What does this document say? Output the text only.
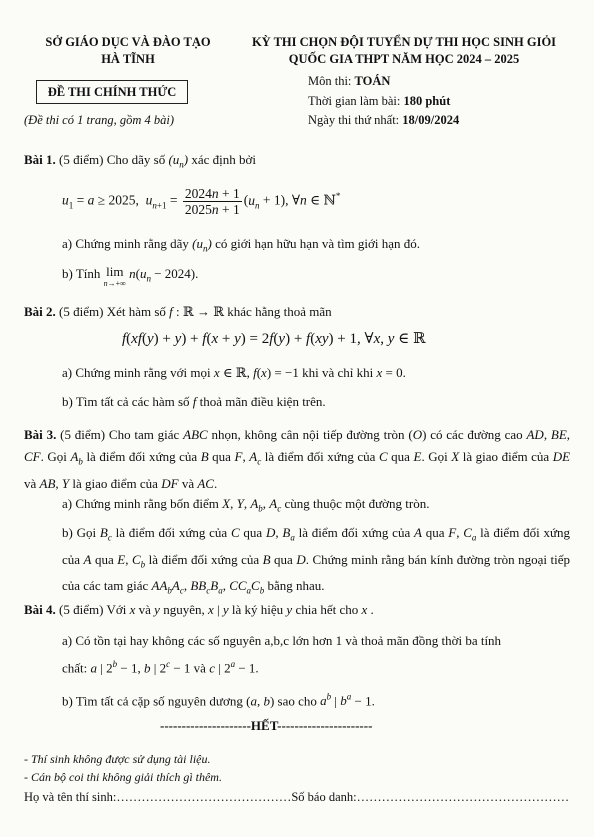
SỞ GIÁO DỤC VÀ ĐÀO TẠO
HÀ TĨNH
KỲ THI CHỌN ĐỘI TUYỂN DỰ THI HỌC SINH GIỎI
QUỐC GIA THPT NĂM HỌC 2024 – 2025
ĐỀ THI CHÍNH THỨC
(Đề thi có 1 trang, gồm 4 bài)
Môn thi: TOÁN
Thời gian làm bài: 180 phút
Ngày thi thứ nhất: 18/09/2024
Bài 1. (5 điểm) Cho dãy số $(u_n)$ xác định bởi
$u_1 = a \ge 2025$,  $u_{n+1} = \frac{2024n + 1}{2025n + 1} (u_n + 1)$, ∀n ∈ ℕ*
a) Chứng minh rằng dãy $(u_n)$ có giới hạn hữu hạn và tìm giới hạn đó.
b) Tính lim
n→+∞
$n(u_n - 2024)$.
Bài 2. (5 điểm) Xét hàm số f : ℝ → ℝ khác hằng thoả mãn
f(xf(y) + y) + f(x + y) = 2f(y) + f(xy) + 1, ∀x, y ∈ ℝ
a) Chứng minh rằng với mọi x ∈ ℝ, f(x) = −1 khi và chỉ khi x = 0.
b) Tìm tất cả các hàm số f thoả mãn điều kiện trên.
Bài 3. (5 điểm) Cho tam giác ABC nhọn, không cân nội tiếp đường tròn (O) có các đường cao AD, BE, CF. Gọi $A_b$ là điểm đối xứng của B qua F, $A_c$ là điểm đối xứng của C qua E. Gọi X là giao điểm của DE và AB, Y là giao điểm của DF và AC.
a) Chứng minh rằng bốn điểm X, Y, $A_b$, $A_c$ cùng thuộc một đường tròn.
b) Gọi $B_c$ là điểm đối xứng của C qua D, $B_a$ là điểm đối xứng của A qua F, $C_a$ là điểm đối xứng của A qua E, $C_b$ là điểm đối xứng của B qua D. Chứng minh rằng bán kính đường tròn ngoại tiếp của các tam giác $AA_bA_c$, $BB_cB_a$, $CC_aC_b$ bằng nhau.
Bài 4. (5 điểm) Với x và y nguyên, x | y là ký hiệu y chia hết cho x .
a) Có tồn tại hay không các số nguyên a,b,c lớn hơn 1 và thoả mãn đồng thời ba tính
chất: a | $2^b - 1$, b | $2^c - 1$ và c | $2^a - 1$.
b) Tìm tất cả cặp số nguyên dương (a, b) sao cho $a^b$ | $b^a - 1$.
---------------------HẾT----------------------
- Thí sinh không được sử dụng tài liệu.
- Cán bộ coi thi không giải thích gì thêm.
Họ và tên thí sinh:……………………………………Số báo danh:……………………………………………
